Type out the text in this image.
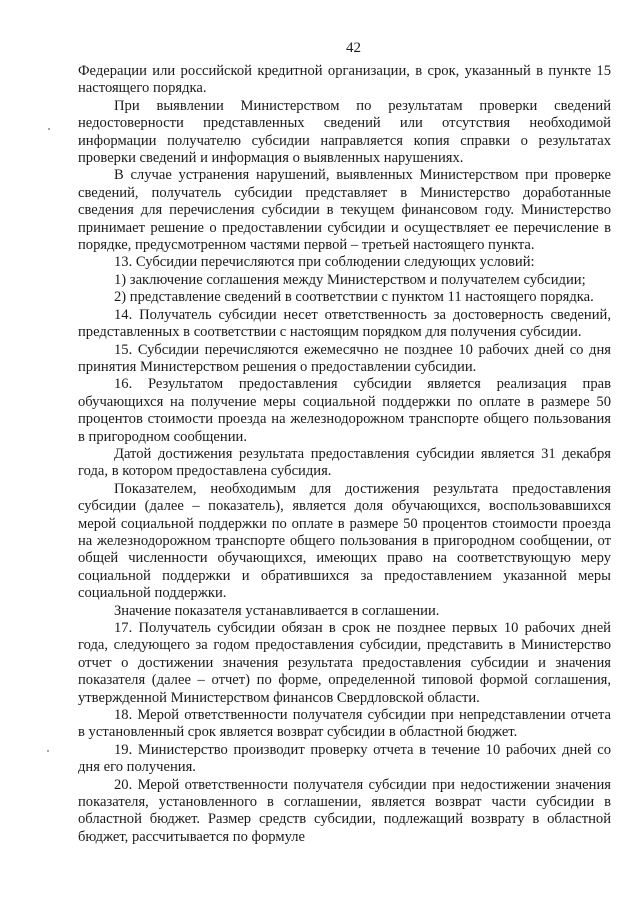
42

Федерации или российской кредитной организации, в срок, указанный в пункте 15 настоящего порядка.

При выявлении Министерством по результатам проверки сведений недостоверности представленных сведений или отсутствия необходимой информации получателю субсидии направляется копия справки о результатах проверки сведений и информация о выявленных нарушениях.

В случае устранения нарушений, выявленных Министерством при проверке сведений, получатель субсидии представляет в Министерство доработанные сведения для перечисления субсидии в текущем финансовом году. Министерство принимает решение о предоставлении субсидии и осуществляет ее перечисление в порядке, предусмотренном частями первой – третьей настоящего пункта.

13. Субсидии перечисляются при соблюдении следующих условий:

1) заключение соглашения между Министерством и получателем субсидии;

2) представление сведений в соответствии с пунктом 11 настоящего порядка.

14. Получатель субсидии несет ответственность за достоверность сведений, представленных в соответствии с настоящим порядком для получения субсидии.

15. Субсидии перечисляются ежемесячно не позднее 10 рабочих дней со дня принятия Министерством решения о предоставлении субсидии.

16. Результатом предоставления субсидии является реализация прав обучающихся на получение меры социальной поддержки по оплате в размере 50 процентов стоимости проезда на железнодорожном транспорте общего пользования в пригородном сообщении.

Датой достижения результата предоставления субсидии является 31 декабря года, в котором предоставлена субсидия.

Показателем, необходимым для достижения результата предоставления субсидии (далее – показатель), является доля обучающихся, воспользовавшихся мерой социальной поддержки по оплате в размере 50 процентов стоимости проезда на железнодорожном транспорте общего пользования в пригородном сообщении, от общей численности обучающихся, имеющих право на соответствующую меру социальной поддержки и обратившихся за предоставлением указанной меры социальной поддержки.

Значение показателя устанавливается в соглашении.

17. Получатель субсидии обязан в срок не позднее первых 10 рабочих дней года, следующего за годом предоставления субсидии, представить в Министерство отчет о достижении значения результата предоставления субсидии и значения показателя (далее – отчет) по форме, определенной типовой формой соглашения, утвержденной Министерством финансов Свердловской области.

18. Мерой ответственности получателя субсидии при непредставлении отчета в установленный срок является возврат субсидии в областной бюджет.

19. Министерство производит проверку отчета в течение 10 рабочих дней со дня его получения.

20. Мерой ответственности получателя субсидии при недостижении значения показателя, установленного в соглашении, является возврат части субсидии в областной бюджет. Размер средств субсидии, подлежащий возврату в областной бюджет, рассчитывается по формуле
